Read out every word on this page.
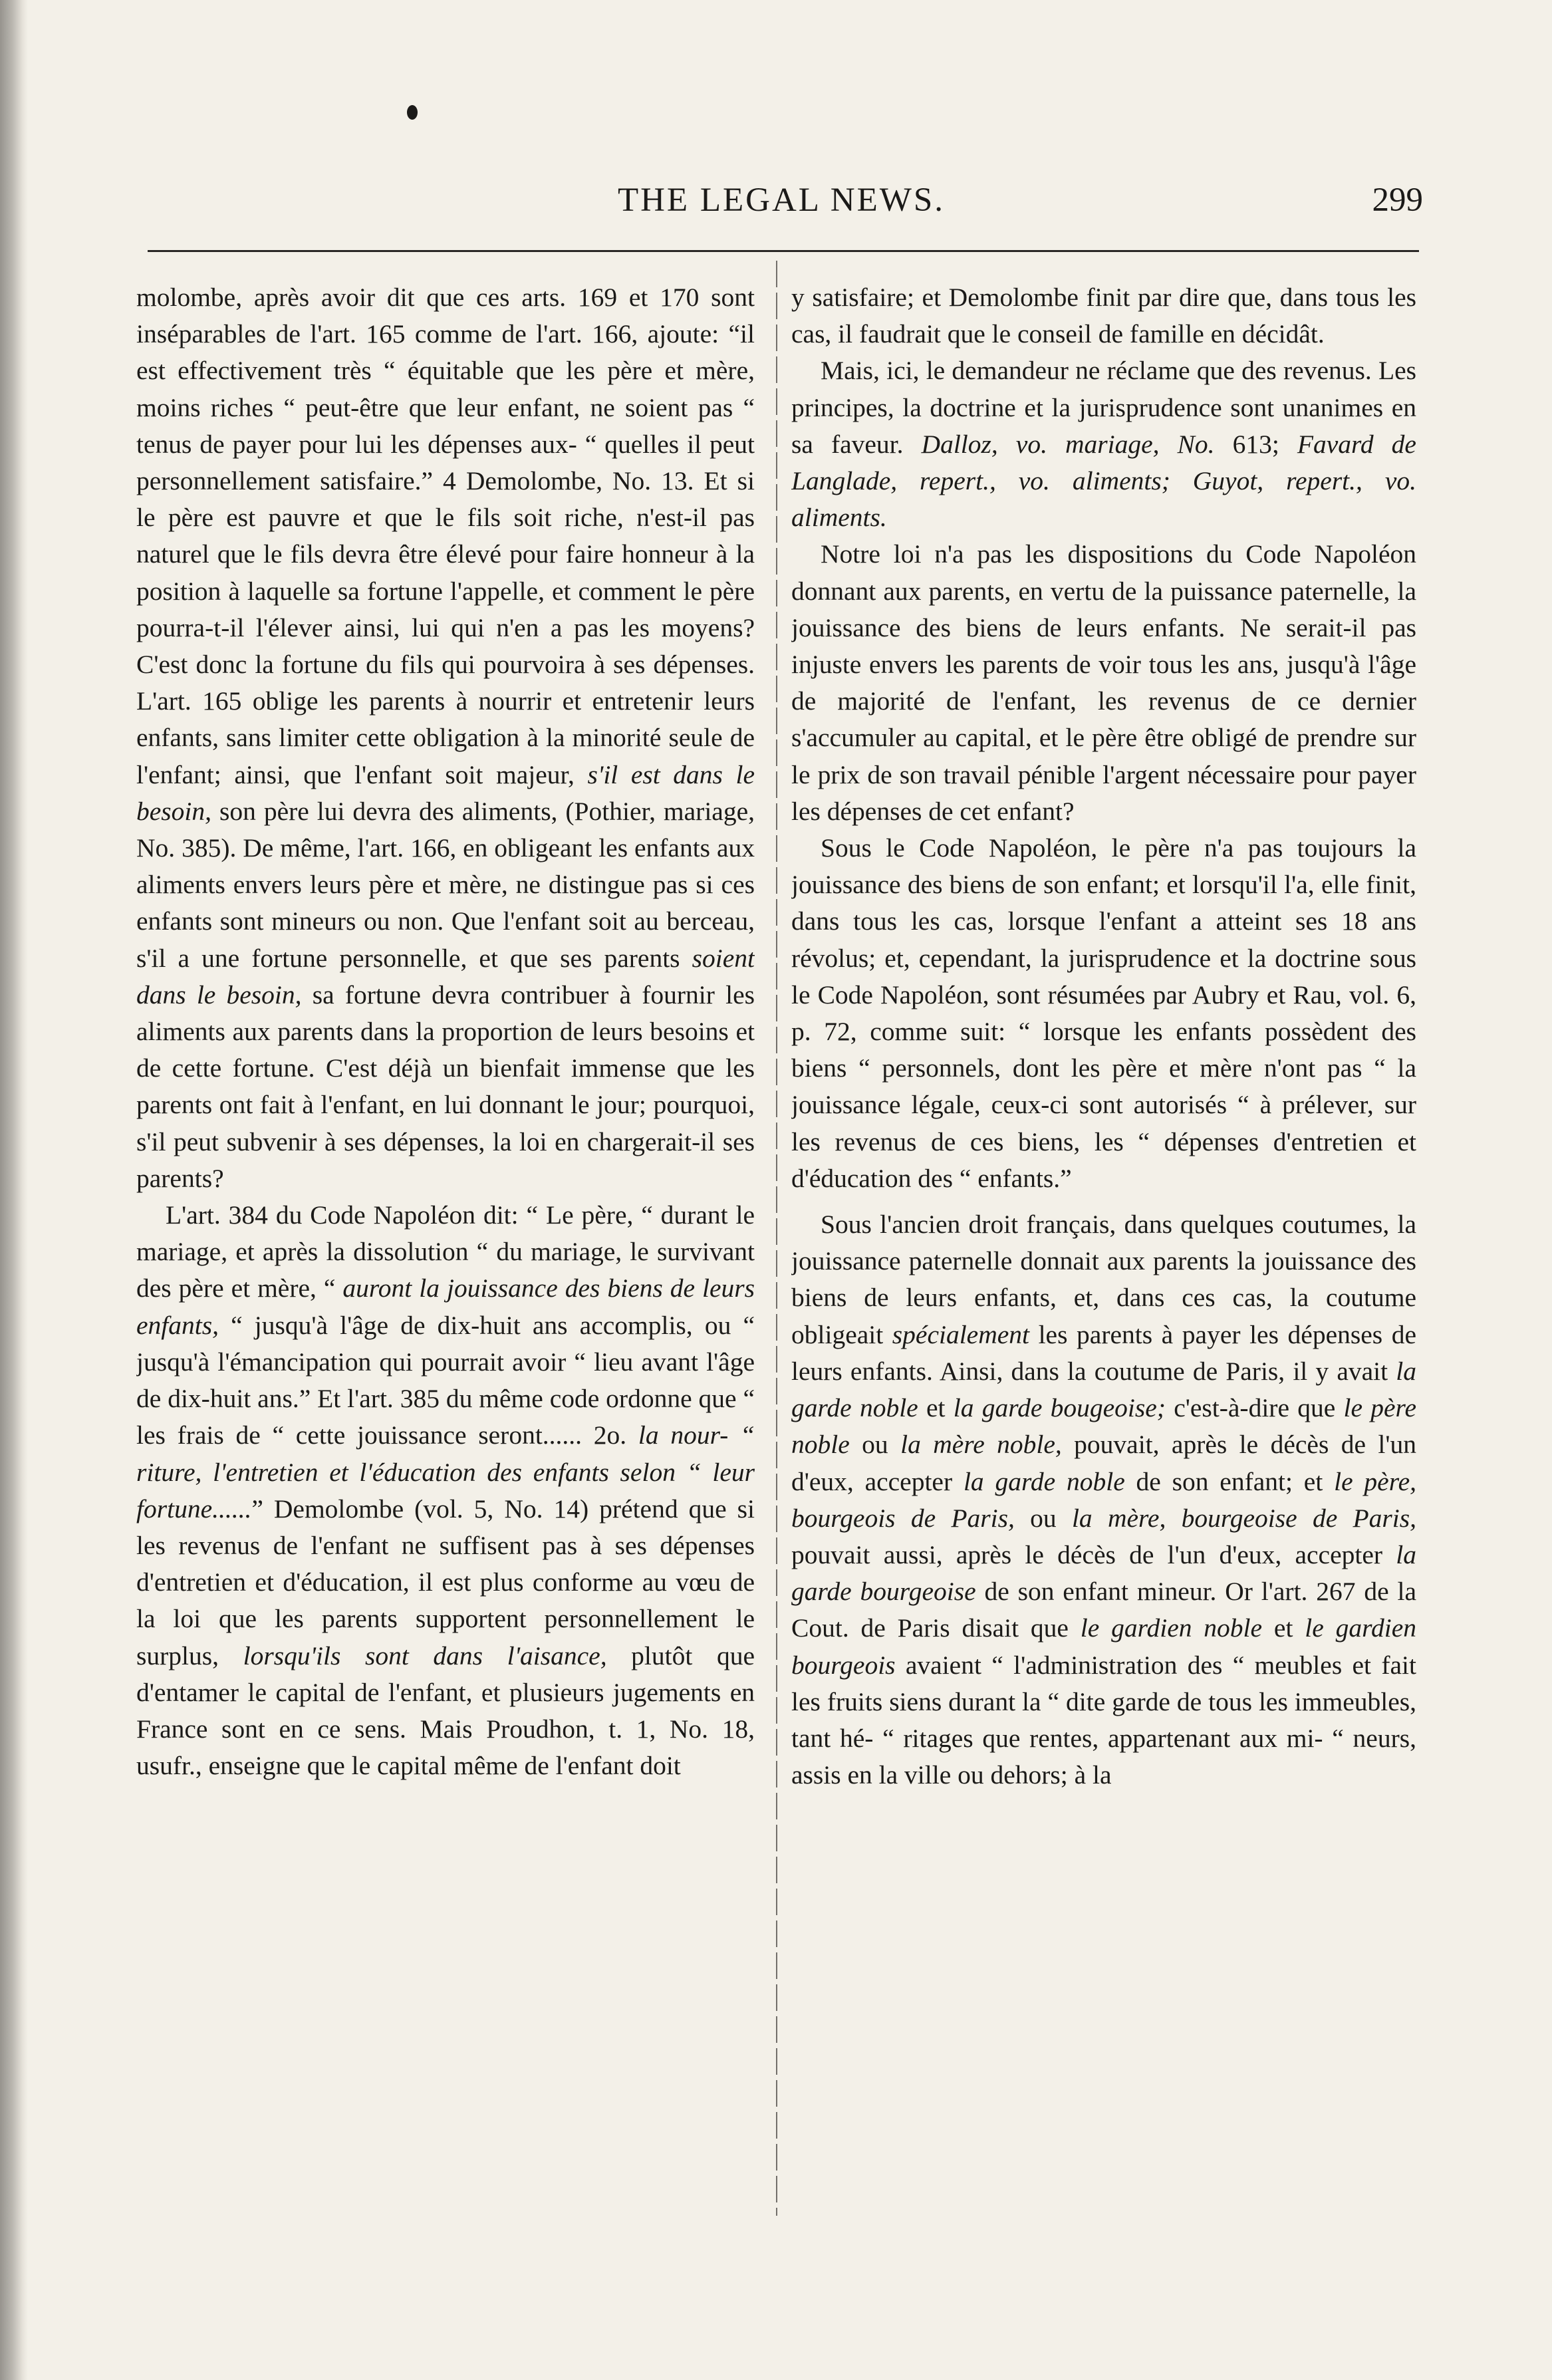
THE LEGAL NEWS.	299

molombe, après avoir dit que ces arts. 169 et 170 sont inséparables de l'art. 165 comme de l'art. 166, ajoute: “il est effectivement très “ équitable que les père et mère, moins riches “ peut-être que leur enfant, ne soient pas “ tenus de payer pour lui les dépenses aux- “ quelles il peut personnellement satisfaire.” 4 Demolombe, No. 13. Et si le père est pauvre et que le fils soit riche, n'est-il pas naturel que le fils devra être élevé pour faire honneur à la position à laquelle sa fortune l'appelle, et comment le père pourra-t-il l'élever ainsi, lui qui n'en a pas les moyens? C'est donc la fortune du fils qui pourvoira à ses dépenses. L'art. 165 oblige les parents à nourrir et entretenir leurs enfants, sans limiter cette obligation à la minorité seule de l'enfant; ainsi, que l'enfant soit majeur, s'il est dans le besoin, son père lui devra des aliments, (Pothier, mariage, No. 385). De même, l'art. 166, en obligeant les enfants aux aliments envers leurs père et mère, ne distingue pas si ces enfants sont mineurs ou non. Que l'enfant soit au berceau, s'il a une fortune personnelle, et que ses parents soient dans le besoin, sa fortune devra contribuer à fournir les aliments aux parents dans la proportion de leurs besoins et de cette fortune. C'est déjà un bienfait immense que les parents ont fait à l'enfant, en lui donnant le jour; pourquoi, s'il peut subvenir à ses dépenses, la loi en chargerait-il ses parents?

L'art. 384 du Code Napoléon dit: “ Le père, “ durant le mariage, et après la dissolution “ du mariage, le survivant des père et mère, “ auront la jouissance des biens de leurs enfants, “ jusqu'à l'âge de dix-huit ans accomplis, ou “ jusqu'à l'émancipation qui pourrait avoir “ lieu avant l'âge de dix-huit ans.” Et l'art. 385 du même code ordonne que “ les frais de “ cette jouissance seront...... 2o. la nour- “ riture, l'entretien et l'éducation des enfants selon “ leur fortune......” Demolombe (vol. 5, No. 14) prétend que si les revenus de l'enfant ne suffisent pas à ses dépenses d'entretien et d'éducation, il est plus conforme au vœu de la loi que les parents supportent personnellement le surplus, lorsqu'ils sont dans l'aisance, plutôt que d'entamer le capital de l'enfant, et plusieurs jugements en France sont en ce sens. Mais Proudhon, t. 1, No. 18, usufr., enseigne que le capital même de l'enfant doit

y satisfaire; et Demolombe finit par dire que, dans tous les cas, il faudrait que le conseil de famille en décidât.

Mais, ici, le demandeur ne réclame que des revenus. Les principes, la doctrine et la jurisprudence sont unanimes en sa faveur. Dalloz, vo. mariage, No. 613; Favard de Langlade, repert., vo. aliments; Guyot, repert., vo. aliments.

Notre loi n'a pas les dispositions du Code Napoléon donnant aux parents, en vertu de la puissance paternelle, la jouissance des biens de leurs enfants. Ne serait-il pas injuste envers les parents de voir tous les ans, jusqu'à l'âge de majorité de l'enfant, les revenus de ce dernier s'accumuler au capital, et le père être obligé de prendre sur le prix de son travail pénible l'argent nécessaire pour payer les dépenses de cet enfant?

Sous le Code Napoléon, le père n'a pas toujours la jouissance des biens de son enfant; et lorsqu'il l'a, elle finit, dans tous les cas, lorsque l'enfant a atteint ses 18 ans révolus; et, cependant, la jurisprudence et la doctrine sous le Code Napoléon, sont résumées par Aubry et Rau, vol. 6, p. 72, comme suit: “ lorsque les enfants possèdent des biens “ personnels, dont les père et mère n'ont pas “ la jouissance légale, ceux-ci sont autorisés “ à prélever, sur les revenus de ces biens, les “ dépenses d'entretien et d'éducation des “ enfants.”

Sous l'ancien droit français, dans quelques coutumes, la jouissance paternelle donnait aux parents la jouissance des biens de leurs enfants, et, dans ces cas, la coutume obligeait spécialement les parents à payer les dépenses de leurs enfants. Ainsi, dans la coutume de Paris, il y avait la garde noble et la garde bougeoise; c'est-à-dire que le père noble ou la mère noble, pouvait, après le décès de l'un d'eux, accepter la garde noble de son enfant; et le père, bourgeois de Paris, ou la mère, bourgeoise de Paris, pouvait aussi, après le décès de l'un d'eux, accepter la garde bourgeoise de son enfant mineur. Or l'art. 267 de la Cout. de Paris disait que le gardien noble et le gardien bourgeois avaient “ l'administration des “ meubles et fait les fruits siens durant la “ dite garde de tous les immeubles, tant hé- “ ritages que rentes, appartenant aux mi- “ neurs, assis en la ville ou dehors; à la
